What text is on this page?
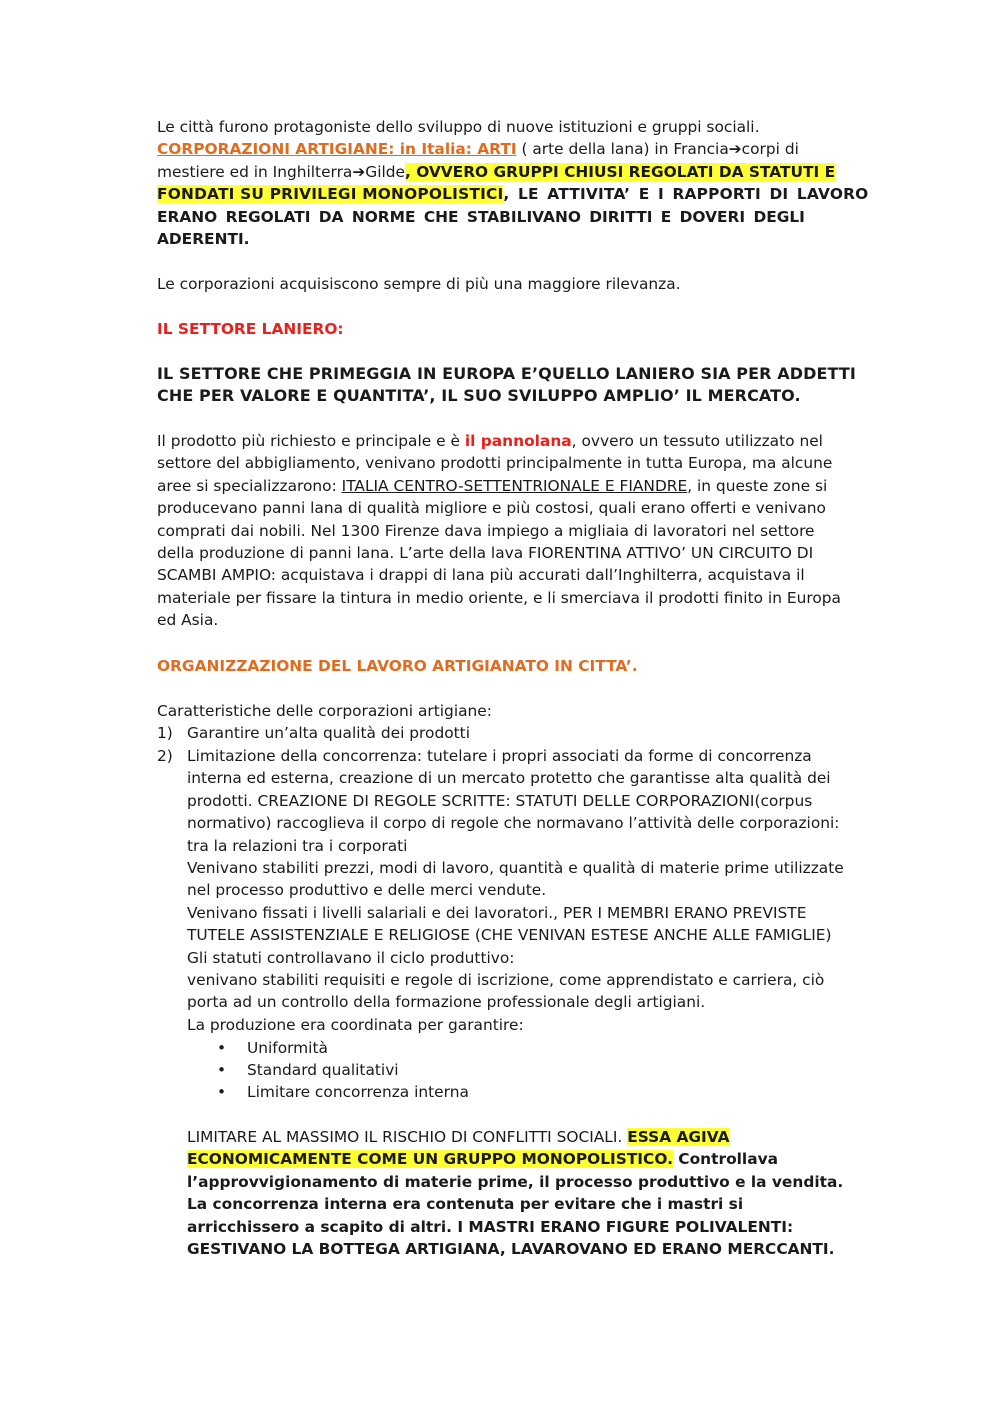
Le città furono protagoniste dello sviluppo di nuove istituzioni e gruppi sociali.
CORPORAZIONI ARTIGIANE: in Italia: ARTI ( arte della lana) in Francia➔corpi di
mestiere ed in Inghilterra➔Gilde, OVVERO GRUPPI CHIUSI REGOLATI DA STATUTI E
FONDATI SU PRIVILEGI MONOPOLISTICI, LE ATTIVITA’ E I RAPPORTI DI LAVORO
ERANO REGOLATI DA NORME CHE STABILIVANO DIRITTI E DOVERI DEGLI
ADERENTI.
Le corporazioni acquisiscono sempre di più una maggiore rilevanza.
IL SETTORE LANIERO:
IL SETTORE CHE PRIMEGGIA IN EUROPA E’QUELLO LANIERO SIA PER ADDETTI
CHE PER VALORE E QUANTITA’, IL SUO SVILUPPO AMPLIO’ IL MERCATO.
Il prodotto più richiesto e principale e è il pannolana, ovvero un tessuto utilizzato nel
settore del abbigliamento, venivano prodotti principalmente in tutta Europa, ma alcune
aree si specializzarono: ITALIA CENTRO-SETTENTRIONALE E FIANDRE, in queste zone si
producevano panni lana di qualità migliore e più costosi, quali erano offerti e venivano
comprati dai nobili. Nel 1300 Firenze dava impiego a migliaia di lavoratori nel settore
della produzione di panni lana. L’arte della lava FIORENTINA ATTIVO’ UN CIRCUITO DI
SCAMBI AMPIO: acquistava i drappi di lana più accurati dall’Inghilterra, acquistava il
materiale per fissare la tintura in medio oriente, e li smerciava il prodotti finito in Europa
ed Asia.
ORGANIZZAZIONE DEL LAVORO ARTIGIANATO IN CITTA’.
Caratteristiche delle corporazioni artigiane:
1) Garantire un’alta qualità dei prodotti
2) Limitazione della concorrenza: tutelare i propri associati da forme di concorrenza
interna ed esterna, creazione di un mercato protetto che garantisse alta qualità dei
prodotti. CREAZIONE DI REGOLE SCRITTE: STATUTI DELLE CORPORAZIONI(corpus
normativo) raccoglieva il corpo di regole che normavano l’attività delle corporazioni:
tra la relazioni tra i corporati
Venivano stabiliti prezzi, modi di lavoro, quantità e qualità di materie prime utilizzate
nel processo produttivo e delle merci vendute.
Venivano fissati i livelli salariali e dei lavoratori., PER I MEMBRI ERANO PREVISTE
TUTELE ASSISTENZIALE E RELIGIOSE (CHE VENIVAN ESTESE ANCHE ALLE FAMIGLIE)
Gli statuti controllavano il ciclo produttivo:
venivano stabiliti requisiti e regole di iscrizione, come apprendistato e carriera, ciò
porta ad un controllo della formazione professionale degli artigiani.
La produzione era coordinata per garantire:
• Uniformità
• Standard qualitativi
• Limitare concorrenza interna
LIMITARE AL MASSIMO IL RISCHIO DI CONFLITTI SOCIALI. ESSA AGIVA
ECONOMICAMENTE COME UN GRUPPO MONOPOLISTICO. Controllava
l’approvvigionamento di materie prime, il processo produttivo e la vendita.
La concorrenza interna era contenuta per evitare che i mastri si
arricchissero a scapito di altri. I MASTRI ERANO FIGURE POLIVALENTI:
GESTIVANO LA BOTTEGA ARTIGIANA, LAVAROVANO ED ERANO MERCCANTI.
